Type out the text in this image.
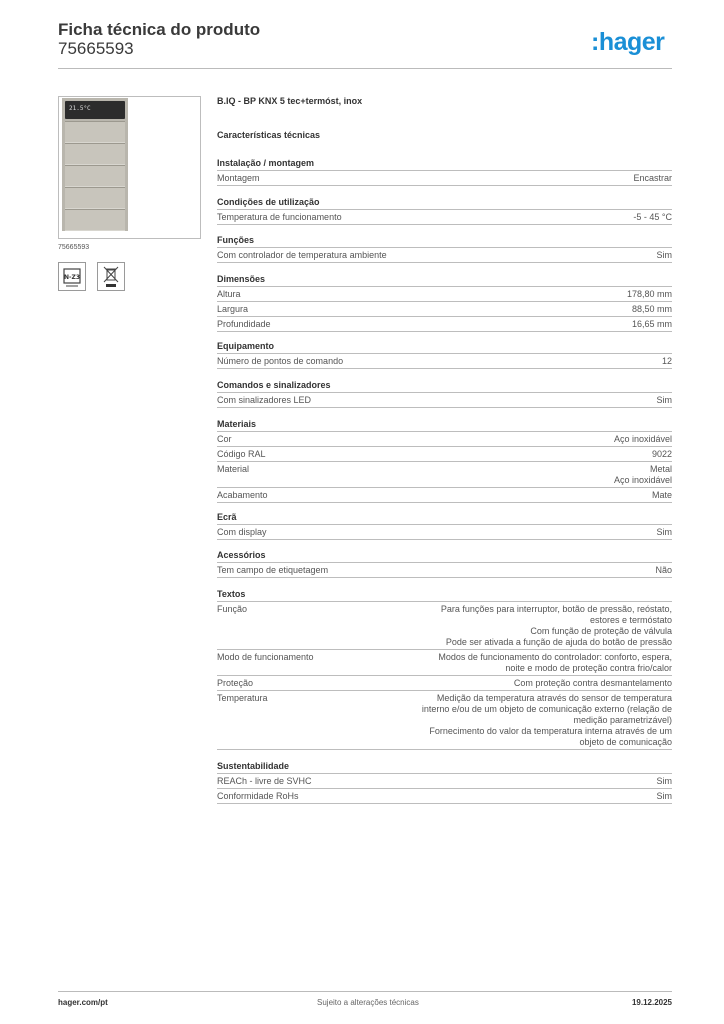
Ficha técnica do produto
75665593	:hager
21.5°C
75665593
N-Z3
B.IQ - BP KNX 5 tec+termóst, inox
Características técnicas
Instalação / montagem
Montagem	Encastrar
Condições de utilização
Temperatura de funcionamento	-5 - 45 °C
Funções
Com controlador de temperatura ambiente	Sim
Dimensões
Altura	178,80 mm
Largura	88,50 mm
Profundidade	16,65 mm
Equipamento
Número de pontos de comando	12
Comandos e sinalizadores
Com sinalizadores LED	Sim
Materiais
Cor	Aço inoxidável
Código RAL	9022
Material	Metal
Aço inoxidável
Acabamento	Mate
Ecrã
Com display	Sim
Acessórios
Tem campo de etiquetagem	Não
Textos
Função	Para funções para interruptor, botão de pressão, reóstato,
estores e termóstato
Com função de proteção de válvula
Pode ser ativada a função de ajuda do botão de pressão
Modo de funcionamento	Modos de funcionamento do controlador: conforto, espera,
noite e modo de proteção contra frio/calor
Proteção	Com proteção contra desmantelamento
Temperatura	Medição da temperatura através do sensor de temperatura
interno e/ou de um objeto de comunicação externo (relação de
medição parametrizável)
Fornecimento do valor da temperatura interna através de um
objeto de comunicação
Sustentabilidade
REACh - livre de SVHC	Sim
Conformidade RoHs	Sim
hager.com/pt	Sujeito a alterações técnicas	19.12.2025
